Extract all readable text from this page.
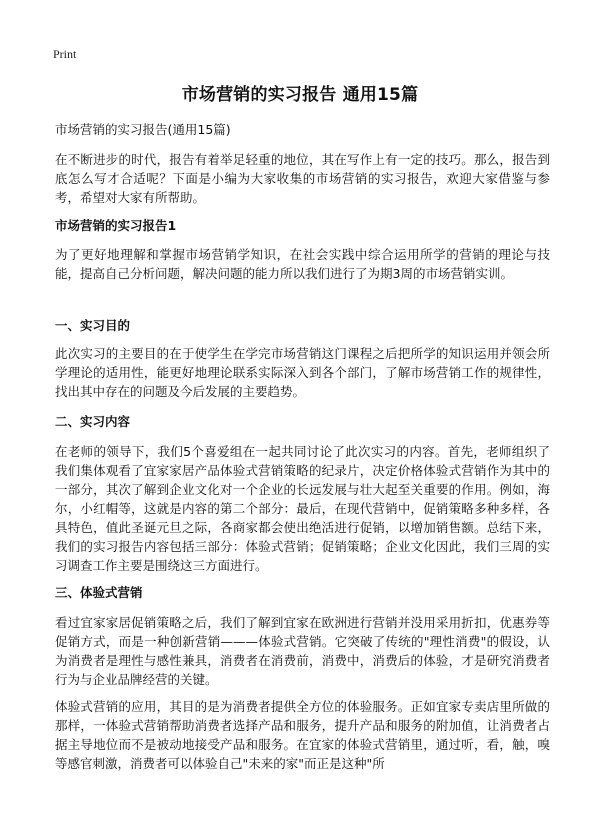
Print
市场营销的实习报告 通用15篇
市场营销的实习报告(通用15篇)

在不断进步的时代，报告有着举足轻重的地位，其在写作上有一定的技巧。那么，报告到底怎么写才合适呢？下面是小编为大家收集的市场营销的实习报告，欢迎大家借鉴与参考，希望对大家有所帮助。

市场营销的实习报告1

为了更好地理解和掌握市场营销学知识，在社会实践中综合运用所学的营销的理论与技能，提高自己分析问题，解决问题的能力所以我们进行了为期3周的市场营销实训。

一、实习目的

此次实习的主要目的在于使学生在学完市场营销这门课程之后把所学的知识运用并领会所学理论的适用性，能更好地理论联系实际深入到各个部门，了解市场营销工作的规律性，找出其中存在的问题及今后发展的主要趋势。

二、实习内容

在老师的领导下，我们5个喜爱组在一起共同讨论了此次实习的内容。首先，老师组织了我们集体观看了宜家家居产品体验式营销策略的纪录片，决定价格体验式营销作为其中的一部分，其次了解到企业文化对一个企业的长远发展与壮大起至关重要的作用。例如，海尔，小红帽等，这就是内容的第二个部分：最后，在现代营销中，促销策略多种多样，各具特色，值此圣诞元旦之际，各商家都会使出绝活进行促销，以增加销售额。总结下来，我们的实习报告内容包括三部分：体验式营销；促销策略；企业文化因此，我们三周的实习调查工作主要是围绕这三方面进行。

三、体验式营销

看过宜家家居促销策略之后，我们了解到宜家在欧洲进行营销并没用采用折扣，优惠券等促销方式，而是一种创新营销———体验式营销。它突破了传统的"理性消费"的假设，认为消费者是理性与感性兼具，消费者在消费前，消费中，消费后的体验，才是研究消费者行为与企业品牌经营的关键。

体验式营销的应用，其目的是为消费者提供全方位的体验服务。正如宜家专卖店里所做的那样，一体验式营销帮助消费者选择产品和服务，提升产品和服务的附加值，让消费者占据主导地位而不是被动地接受产品和服务。在宜家的体验式营销里，通过听，看，触，嗅等感官刺激，消费者可以体验自己"未来的家"而正是这种"所
